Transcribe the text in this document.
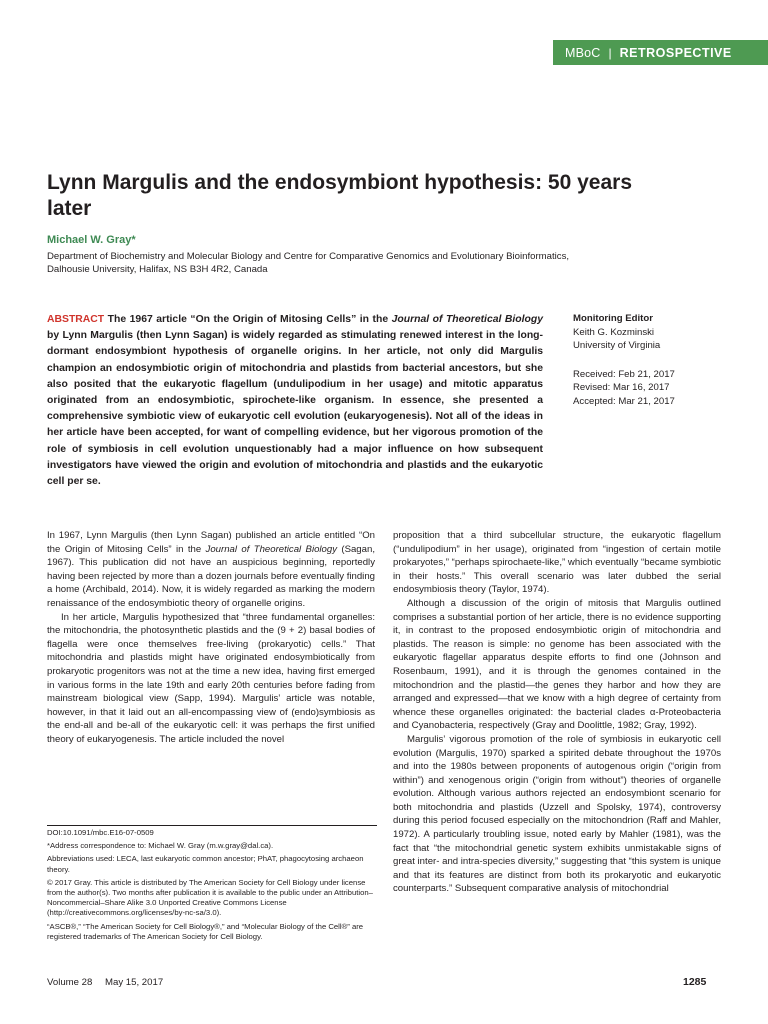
MBoC | RETROSPECTIVE
Lynn Margulis and the endosymbiont hypothesis: 50 years later
Michael W. Gray*
Department of Biochemistry and Molecular Biology and Centre for Comparative Genomics and Evolutionary Bioinformatics, Dalhousie University, Halifax, NS B3H 4R2, Canada

ABSTRACT The 1967 article “On the Origin of Mitosing Cells” in the Journal of Theoretical Biology by Lynn Margulis (then Lynn Sagan) is widely regarded as stimulating renewed interest in the long-dormant endosymbiont hypothesis of organelle origins. In her article, not only did Margulis champion an endosymbiotic origin of mitochondria and plastids from bacterial ancestors, but she also posited that the eukaryotic flagellum (undulipodium in her usage) and mitotic apparatus originated from an endosymbiotic, spirochete-like organism. In essence, she presented a comprehensive symbiotic view of eukaryotic cell evolution (eukaryogenesis). Not all of the ideas in her article have been accepted, for want of compelling evidence, but her vigorous promotion of the role of symbiosis in cell evolution unquestionably had a major influence on how subsequent investigators have viewed the origin and evolution of mitochondria and plastids and the eukaryotic cell per se.

Monitoring Editor
Keith G. Kozminski
University of Virginia
Received: Feb 21, 2017
Revised: Mar 16, 2017
Accepted: Mar 21, 2017

In 1967, Lynn Margulis (then Lynn Sagan) published an article entitled “On the Origin of Mitosing Cells” in the Journal of Theoretical Biology (Sagan, 1967). This publication did not have an auspicious beginning, reportedly having been rejected by more than a dozen journals before eventually finding a home (Archibald, 2014). Now, it is widely regarded as marking the modern renaissance of the endosymbiotic theory of organelle origins.

In her article, Margulis hypothesized that “three fundamental organelles: the mitochondria, the photosynthetic plastids and the (9 + 2) basal bodies of flagella were once themselves free-living (prokaryotic) cells.” That mitochondria and plastids might have originated endosymbiotically from prokaryotic progenitors was not at the time a new idea, having first emerged in various forms in the late 19th and early 20th centuries before fading from mainstream biological view (Sapp, 1994). Margulis’ article was notable, however, in that it laid out an all-encompassing view of (endo)symbiosis as the end-all and be-all of the eukaryotic cell: it was perhaps the first unified theory of eukaryogenesis. The article included the novel

proposition that a third subcellular structure, the eukaryotic flagellum (“undulipodium” in her usage), originated from “ingestion of certain motile prokaryotes,” “perhaps spirochaete-like,” which eventually “became symbiotic in their hosts.” This overall scenario was later dubbed the serial endosymbiosis theory (Taylor, 1974).

Although a discussion of the origin of mitosis that Margulis outlined comprises a substantial portion of her article, there is no evidence supporting it, in contrast to the proposed endosymbiotic origin of mitochondria and plastids. The reason is simple: no genome has been associated with the eukaryotic flagellar apparatus despite efforts to find one (Johnson and Rosenbaum, 1991), and it is through the genomes contained in the mitochondrion and the plastid—the genes they harbor and how they are arranged and expressed—that we know with a high degree of certainty from whence these organelles originated: the bacterial clades α-Proteobacteria and Cyanobacteria, respectively (Gray and Doolittle, 1982; Gray, 1992).

Margulis’ vigorous promotion of the role of symbiosis in eukaryotic cell evolution (Margulis, 1970) sparked a spirited debate throughout the 1970s and into the 1980s between proponents of autogenous origin (“origin from within”) and xenogenous origin (“origin from without”) theories of organelle evolution. Although various authors rejected an endosymbiont scenario for both mitochondria and plastids (Uzzell and Spolsky, 1974), controversy during this period focused especially on the mitochondrion (Raff and Mahler, 1972). A particularly troubling issue, noted early by Mahler (1981), was the fact that “the mitochondrial genetic system exhibits unmistakable signs of great inter- and intra-species diversity,” suggesting that “this system is unique and that its features are distinct from both its prokaryotic and eukaryotic counterparts.” Subsequent comparative analysis of mitochondrial

DOI:10.1091/mbc.E16-07-0509

*Address correspondence to: Michael W. Gray (m.w.gray@dal.ca).

Abbreviations used: LECA, last eukaryotic common ancestor; PhAT, phagocytosing archaeon theory.

© 2017 Gray. This article is distributed by The American Society for Cell Biology under license from the author(s). Two months after publication it is available to the public under an Attribution–Noncommercial–Share Alike 3.0 Unported Creative Commons License (http://creativecommons.org/licenses/by-nc-sa/3.0).

“ASCB®,” “The American Society for Cell Biology®,” and “Molecular Biology of the Cell®” are registered trademarks of The American Society for Cell Biology.

Volume 28 May 15, 2017	1285
